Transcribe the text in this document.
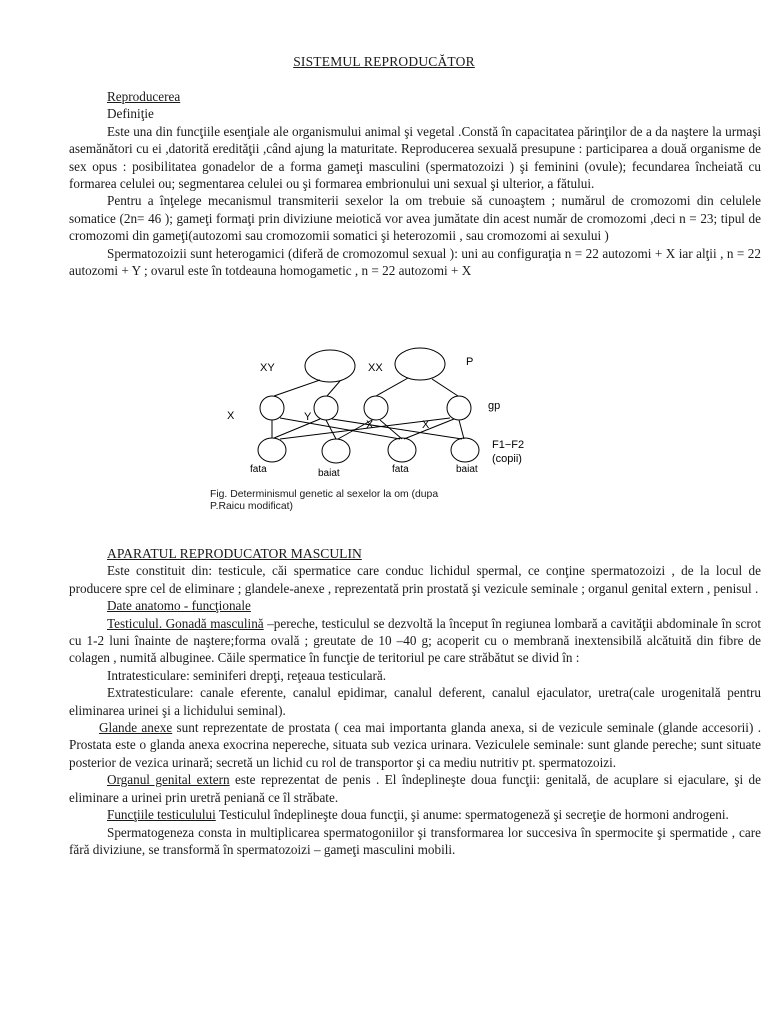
SISTEMUL REPRODUCĂTOR

Reproducerea

Definiţie

Este una din funcţiile esenţiale ale organismului animal şi vegetal .Constă în capacitatea părinţilor de a da naştere la urmaşi asemănători cu ei ,datorită eredităţii ,când ajung la maturitate. Reproducerea sexuală presupune : participarea a două organisme de sex opus : posibilitatea gonadelor de a forma gameţi masculini (spermatozoizi ) şi feminini (ovule); fecundarea încheiată cu formarea celulei ou; segmentarea celulei ou şi formarea embrionului uni sexual şi ulterior, a fătului.

Pentru a înţelege mecanismul transmiterii sexelor la om trebuie să cunoaştem ; numărul de cromozomi din celulele somatice (2n= 46 ); gameţi formaţi prin diviziune meiotică vor avea jumătate din acest număr de cromozomi ,deci n = 23; tipul de cromozomi din gameţi(autozomi sau cromozomii somatici şi heterozomii , sau cromozomi ai sexului )

Spermatozoizii sunt heterogamici (diferă de cromozomul sexual ): uni au configuraţia n = 22 autozomi + X iar alţii , n = 22 autozomi + Y ; ovarul este în totdeauna homogametic , n = 22 autozomi + X

XY	XX	P
X	Y
X	X
gp
F1−F2
(copii)
fata	baiat	fata	baiat
Fig. Determinismul genetic al sexelor la om (dupa
P.Raicu modificat)

APARATUL REPRODUCATOR MASCULIN

Este constituit din: testicule, căi spermatice care conduc lichidul spermal, ce conţine spermatozoizi , de la locul de producere spre cel de eliminare ; glandele-anexe , reprezentată prin prostată şi vezicule seminale ; organul genital extern , penisul .

Date anatomo - funcţionale

Testiculul. Gonadă masculină –pereche, testiculul se dezvoltă la început în regiunea lombară a cavităţii abdominale în scrot cu 1-2 luni înainte de naştere;forma ovală ; greutate de 10 –40 g; acoperit cu o membrană inextensibilă alcătuită din fibre de colagen , numită albuginee. Căile spermatice în funcţie de teritoriul pe care străbătut se divid în :

Intratesticulare: seminiferi drepţi, reţeaua testiculară.

Extratesticulare: canale eferente, canalul epidimar, canalul deferent, canalul ejaculator, uretra(cale urogenitală pentru eliminarea urinei şi a lichidului seminal).

Glande anexe sunt reprezentate de prostata ( cea mai importanta glanda anexa, si de vezicule seminale (glande accesorii) . Prostata este o glanda anexa exocrina nepereche, situata sub vezica urinara. Veziculele seminale: sunt glande pereche; sunt situate posterior de vezica urinară; secretă un lichid cu rol de transportor şi ca mediu nutritiv pt. spermatozoizi.

Organul genital extern este reprezentat de penis . El îndeplineşte doua funcţii: genitală, de acuplare si ejaculare, şi de eliminare a urinei prin uretră peniană ce îl străbate.

Funcţiile testiculului Testiculul îndeplineşte doua funcţii, şi anume: spermatogeneză şi secreţie de hormoni androgeni.

Spermatogeneza consta in multiplicarea spermatogoniilor şi transformarea lor succesiva în spermocite şi spermatide , care fără diviziune, se transformă în spermatozoizi – gameţi masculini mobili.
